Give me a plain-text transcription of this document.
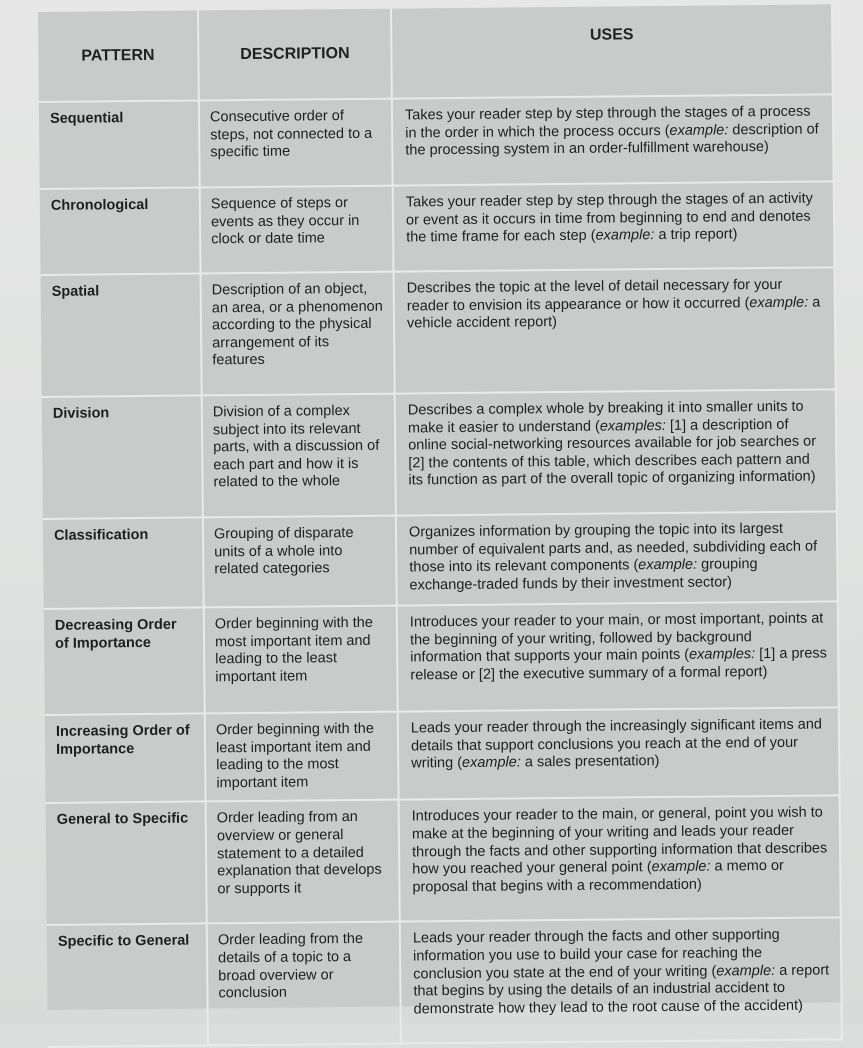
PATTERN	DESCRIPTION	USES
Sequential	Consecutive order of steps, not connected to a specific time	Takes your reader step by step through the stages of a process in the order in which the process occurs (example: description of the processing system in an order-fulfillment warehouse)
Chronological	Sequence of steps or events as they occur in clock or date time	Takes your reader step by step through the stages of an activity or event as it occurs in time from beginning to end and denotes the time frame for each step (example: a trip report)
Spatial	Description of an object, an area, or a phenomenon according to the physical arrangement of its features	Describes the topic at the level of detail necessary for your reader to envision its appearance or how it occurred (example: a vehicle accident report)
Division	Division of a complex subject into its relevant parts, with a discussion of each part and how it is related to the whole	Describes a complex whole by breaking it into smaller units to make it easier to understand (examples: [1] a description of online social-networking resources available for job searches or [2] the contents of this table, which describes each pattern and its function as part of the overall topic of organizing information)
Classification	Grouping of disparate units of a whole into related categories	Organizes information by grouping the topic into its largest number of equivalent parts and, as needed, subdividing each of those into its relevant components (example: grouping exchange-traded funds by their investment sector)
Decreasing Order of Importance	Order beginning with the most important item and leading to the least important item	Introduces your reader to your main, or most important, points at the beginning of your writing, followed by background information that supports your main points (examples: [1] a press release or [2] the executive summary of a formal report)
Increasing Order of Importance	Order beginning with the least important item and leading to the most important item	Leads your reader through the increasingly significant items and details that support conclusions you reach at the end of your writing (example: a sales presentation)
General to Specific	Order leading from an overview or general statement to a detailed explanation that develops or supports it	Introduces your reader to the main, or general, point you wish to make at the beginning of your writing and leads your reader through the facts and other supporting information that describes how you reached your general point (example: a memo or proposal that begins with a recommendation)
Specific to General	Order leading from the details of a topic to a broad overview or conclusion	Leads your reader through the facts and other supporting information you use to build your case for reaching the conclusion you state at the end of your writing (example: a report that begins by using the details of an industrial accident to demonstrate how they lead to the root cause of the accident)
